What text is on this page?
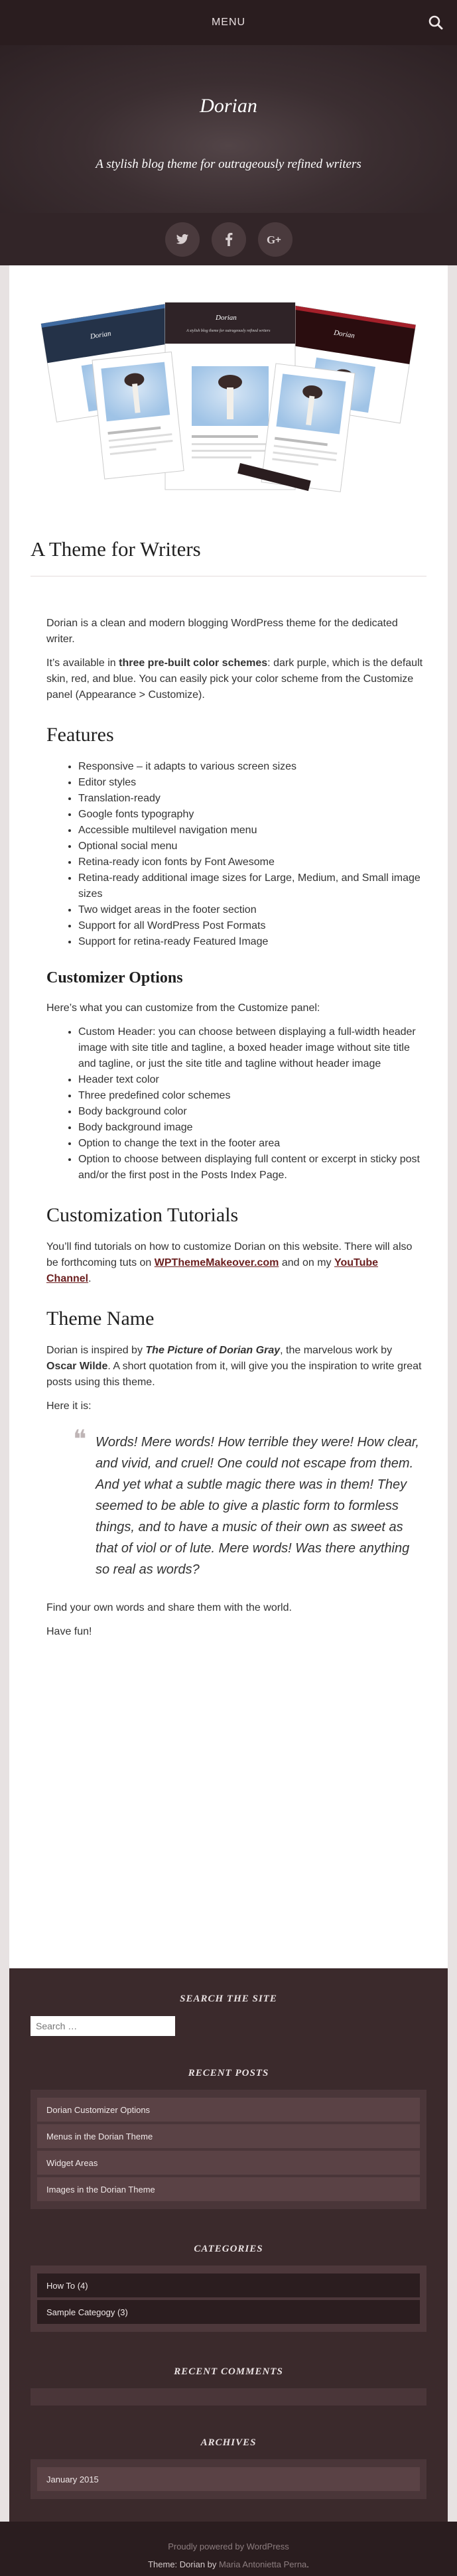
MENU
Dorian
A stylish blog theme for outrageously refined writers
G +
Dorian	Dorian
Dorian
A stylish blog theme for outrageously refined writers
A Theme for Writers

Dorian is a clean and modern blogging WordPress theme for the dedicated writer.

It’s available in three pre-built color schemes: dark purple, which is the default skin, red, and blue. You can easily pick your color scheme from the Customize panel (Appearance > Customize).

Features
• Responsive – it adapts to various screen sizes
• Editor styles
• Translation-ready
• Google fonts typography
• Accessible multilevel navigation menu
• Optional social menu
• Retina-ready icon fonts by Font Awesome
• Retina-ready additional image sizes for Large, Medium, and Small image sizes
• Two widget areas in the footer section
• Support for all WordPress Post Formats
• Support for retina-ready Featured Image
Customizer Options

Here’s what you can customize from the Customize panel:

• Custom Header: you can choose between displaying a full-width header image with site title and tagline, a boxed header image without site title and tagline, or just the site title and tagline without header image
• Header text color
• Three predefined color schemes
• Body background color
• Body background image
• Option to change the text in the footer area
• Option to choose between displaying full content or excerpt in sticky post and/or the first post in the Posts Index Page.
Customization Tutorials

You’ll find tutorials on how to customize Dorian on this website. There will also be forthcoming tuts on WPThemeMakeover.com and on my YouTube Channel.

Theme Name

Dorian is inspired by The Picture of Dorian Gray, the marvelous work by Oscar Wilde. A short quotation from it, will give you the inspiration to write great posts using this theme.

Here it is:

❝ Words! Mere words! How terrible they were! How clear, and vivid, and cruel! One could not escape from them. And yet what a subtle magic there was in them! They seemed to be able to give a plastic form to formless things, and to have a music of their own as sweet as that of viol or of lute. Mere words! Was there anything so real as words?

Find your own words and share them with the world.

Have fun!

SEARCH THE SITE
Search …
RECENT POSTS
Dorian Customizer Options
Menus in the Dorian Theme
Widget Areas
Images in the Dorian Theme
CATEGORIES
How To (4)
Sample Categogy (3)
RECENT COMMENTS
ARCHIVES
January 2015
Proudly powered by WordPress
Theme: Dorian by Maria Antonietta Perna.
